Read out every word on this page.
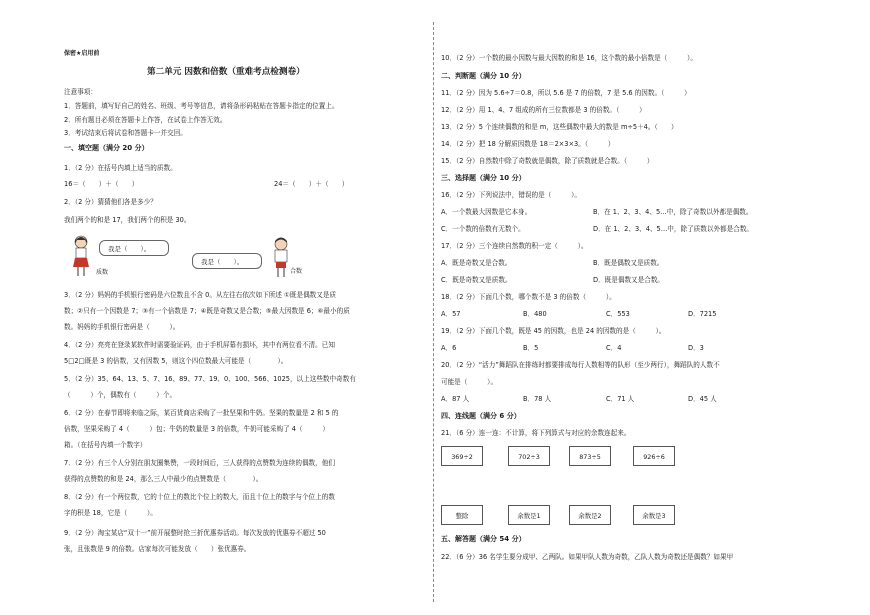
保密★启用前
第二单元 因数和倍数（重难考点检测卷）
注意事项：
1．答题前，填写好自己的姓名、班级、考号等信息，请将条形码粘贴在答题卡指定的位置上。
2．所有题目必须在答题卡上作答，在试卷上作答无效。
3．考试结束后将试卷和答题卡一并交回。
一、填空题（满分 20 分）
1．（2 分）在括号内填上适当的质数。
16＝（　　）＋（　　）	24＝（　　）＋（　　）
2．（2 分）猜猜他们各是多少？
我们两个的和是 17，我们两个的积是 30。
质数
我是（　　）。
我是（　　）。
合数
3．（2 分）妈妈的手机银行密码是六位数且不含 0。从左往右依次如下所述 ①既是偶数又是质
数；②只有一个因数是 7；③有一个倍数是 7；④既是奇数又是合数；⑤最大因数是 6；⑥最小的质
数。妈妈的手机银行密码是（　　　）。
4．（2 分）亮亮在登录某软件时需要验证码，由于手机屏幕有损坏，其中有两位看不清。已知
5□2□既是 3 的倍数，又有因数 5，则这个四位数最大可能是（　　　　）。
5．（2 分）35、64、13、5、7、16、89、77、19、0、100、566、1025，以上这些数中奇数有
（　　　）个，偶数有（　　　）个。
6．（2 分）在春节即将来临之际，某百货商店采购了一批坚果和牛奶。坚果的数量是 2 和 5 的
倍数，坚果采购了 4（　　　）包；牛奶的数量是 3 的倍数，牛奶可能采购了 4（　　　）
箱。（在括号内填一个数字）
7．（2 分）有三个人分别在朋友圈集赞，一段时间后，三人获得的点赞数为连续的偶数，他们
获得的点赞数的和是 24，那么三人中最少的点赞数是（　　　　）。
8．（2 分）有一个两位数，它的十位上的数比个位上的数大，而且十位上的数字与个位上的数
字的积是 18，它是（　　　）。
9．（2 分）淘宝某店“双十一”前开展整时抢三折优惠券活动。每次发放的优惠券不超过 50
张，且张数是 9 的倍数。店家每次可能发放（　　）张优惠券。
10．（2 分）一个数的最小因数与最大因数的和是 16，这个数的最小倍数是（　　　）。
二、判断题（满分 10 分）
11．（2 分）因为 5.6÷7＝0.8，所以 5.6 是 7 的倍数，7 是 5.6 的因数。（　　　）
12．（2 分）用 1、4、7 组成的所有三位数都是 3 的倍数。（　　　）
13．（2 分）5 个连续偶数的和是 m，这些偶数中最大的数是 m÷5＋4。（　　）
14．（2 分）把 18 分解质因数是 18＝2×3×3。（　　　）
15．（2 分）自然数中除了奇数就是偶数，除了质数就是合数。（　　　）
三、选择题（满分 10 分）
16．（2 分）下列说法中，错误的是（　　　）。
A．一个数最大因数是它本身。	B．在 1、2、3、4、5…中，除了奇数以外都是偶数。
C．一个数的倍数有无数个。	D．在 1、2、3、4、5…中，除了质数以外都是合数。
17．（2 分）三个连续自然数的积一定（　　　）。
A．既是奇数又是合数。	B．既是偶数又是质数。
C．既是奇数又是质数。	D．既是偶数又是合数。
18．（2 分）下面几个数，哪个数不是 3 的倍数（　　　）。
A．57	B．480	C．553	D．7215
19．（2 分）下面几个数，既是 45 的因数，也是 24 的因数的是（　　　）。
A．6	B．5	C．4	D．3
20．（2 分）“活力”舞蹈队在排练时都要排成每行人数相等的队形（至少两行），舞蹈队的人数不
可能是（　　　）。
A．87 人	B．78 人	C．71 人	D．45 人
四、连线题（满分 6 分）
21．（6 分）连一连：不计算，将下列算式与对应的余数连起来。
369÷2	702÷3	873÷5	926÷6
整除	余数是1	余数是2	余数是3
五、解答题（满分 54 分）
22．（6 分）36 名学生要分成甲、乙两队。如果甲队人数为奇数，乙队人数为奇数还是偶数？如果甲
